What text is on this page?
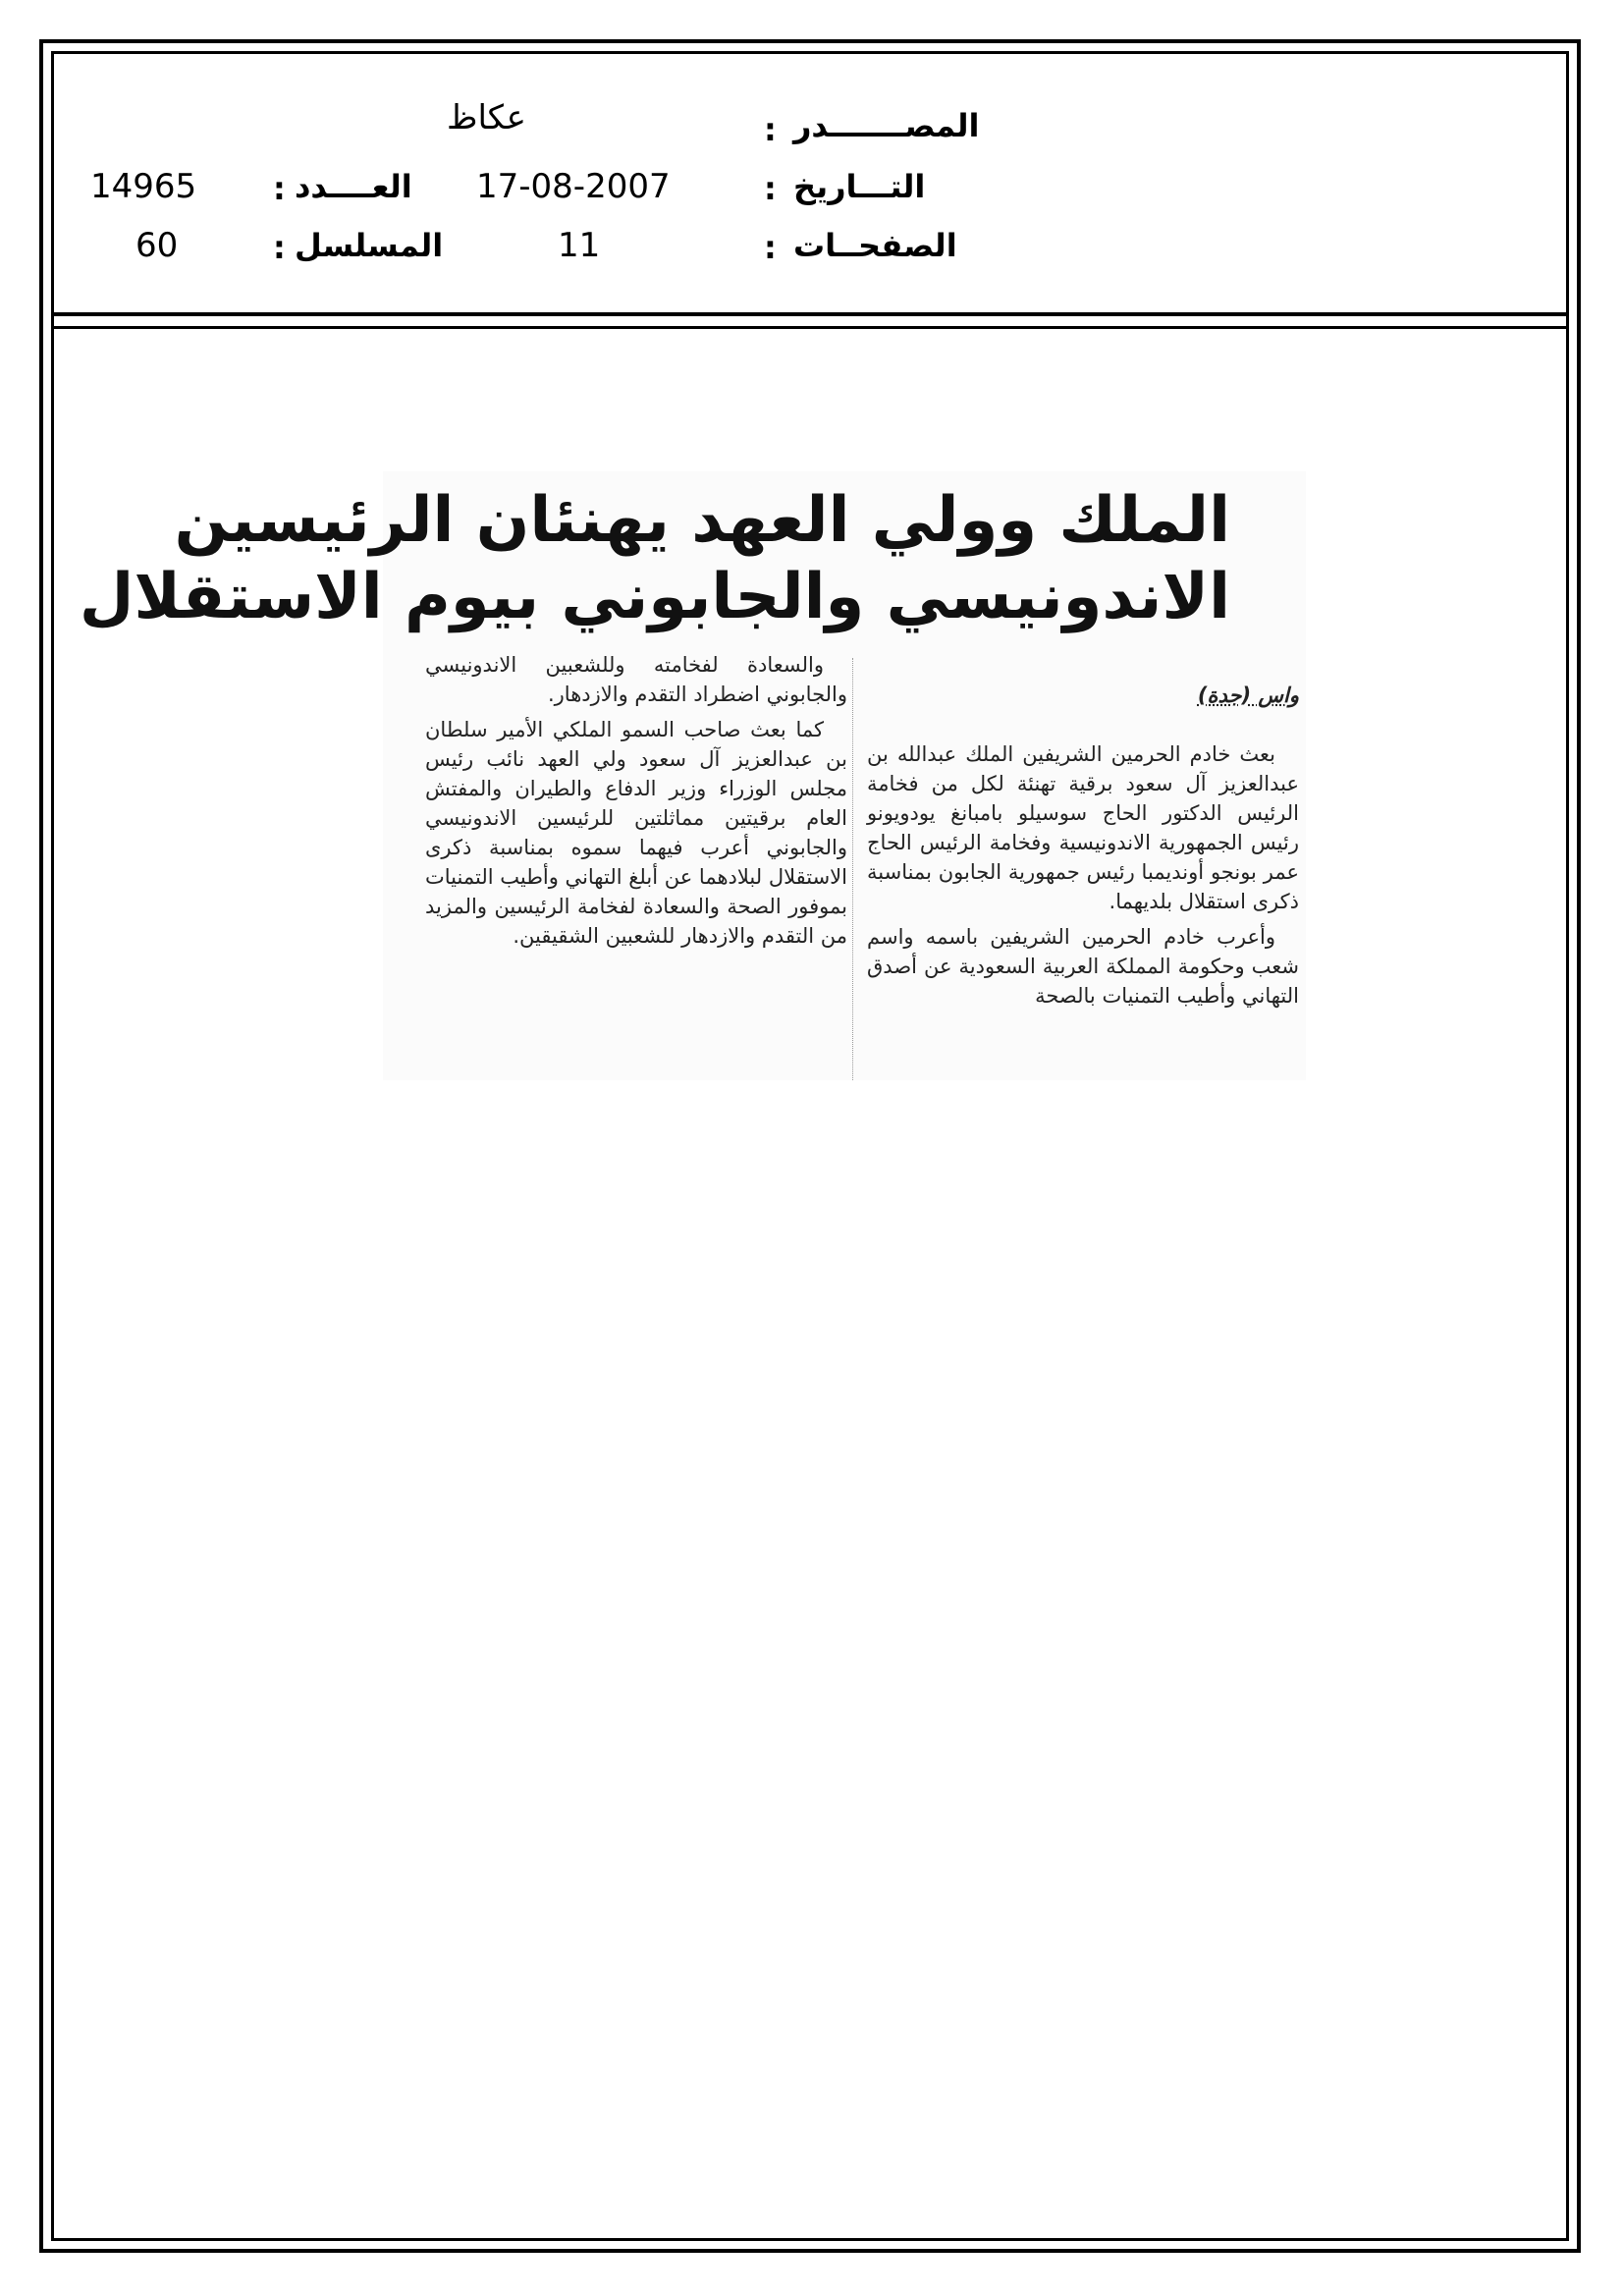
عكاظ	: المصـــــــدر
17-08-2007	: التـــاريخ
14965 : العــــدد
11	: الصفحــات
60	: المسلسل
الملك وولي العهد يهنئان الرئيسين
الاندونيسي والجابوني بيوم الاستقلال
واس (جدة)
بعث خادم الحرمين الشريفين الملك عبدالله بن عبدالعزيز آل سعود برقية تهنئة لكل من فخامة الرئيس الدكتور الحاج سوسيلو بامبانغ يودويونو رئيس الجمهورية الاندونيسية وفخامة الرئيس الحاج عمر بونجو أونديمبا رئيس جمهورية الجابون بمناسبة ذكرى استقلال بلديهما.
وأعرب خادم الحرمين الشريفين باسمه واسم شعب وحكومة المملكة العربية السعودية عن أصدق التهاني وأطيب التمنيات بالصحة
والسعادة لفخامته وللشعبين الاندونيسي والجابوني اضطراد التقدم والازدهار.
كما بعث صاحب السمو الملكي الأمير سلطان بن عبدالعزيز آل سعود ولي العهد نائب رئيس مجلس الوزراء وزير الدفاع والطيران والمفتش العام برقيتين مماثلتين للرئيسين الاندونيسي والجابوني أعرب فيهما سموه بمناسبة ذكرى الاستقلال لبلادهما عن أبلغ التهاني وأطيب التمنيات بموفور الصحة والسعادة لفخامة الرئيسين والمزيد من التقدم والازدهار للشعبين الشقيقين.
